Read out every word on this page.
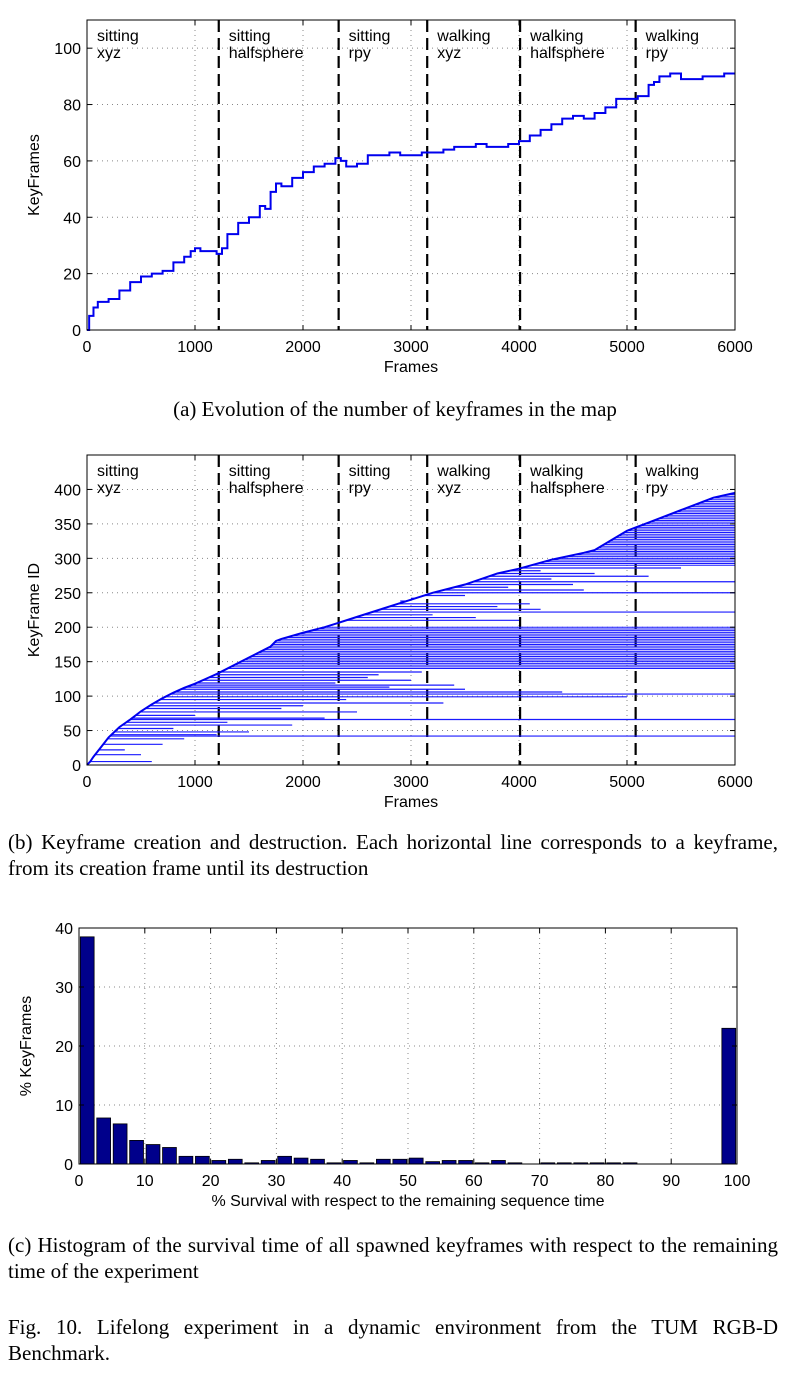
sitting
xyz
sitting
halfsphere
sitting
rpy
walking
xyz
walking
halfsphere
walking
rpy
0	1000	2000	3000	4000	5000	6000
0
20
40
60
80
100
Frames
KeyFrames
sitting
xyz
sitting
halfsphere
sitting
rpy
walking
xyz
walking
halfsphere
walking
rpy
0	1000	2000	3000	4000	5000	6000
0
50
100
150
200
250
300
350
400
Frames
KeyFrame ID
0	10	20	30	40	50	60	70	80	90	100
0
10
20
30
40
% Survival with respect to the remaining sequence time
% KeyFrames

(a) Evolution of the number of keyframes in the map

(b) Keyframe creation and destruction. Each horizontal line corresponds to a keyframe, from its creation frame until its destruction

(c) Histogram of the survival time of all spawned keyframes with respect to the remaining time of the experiment

Fig. 10. Lifelong experiment in a dynamic environment from the TUM RGB-D Benchmark.
